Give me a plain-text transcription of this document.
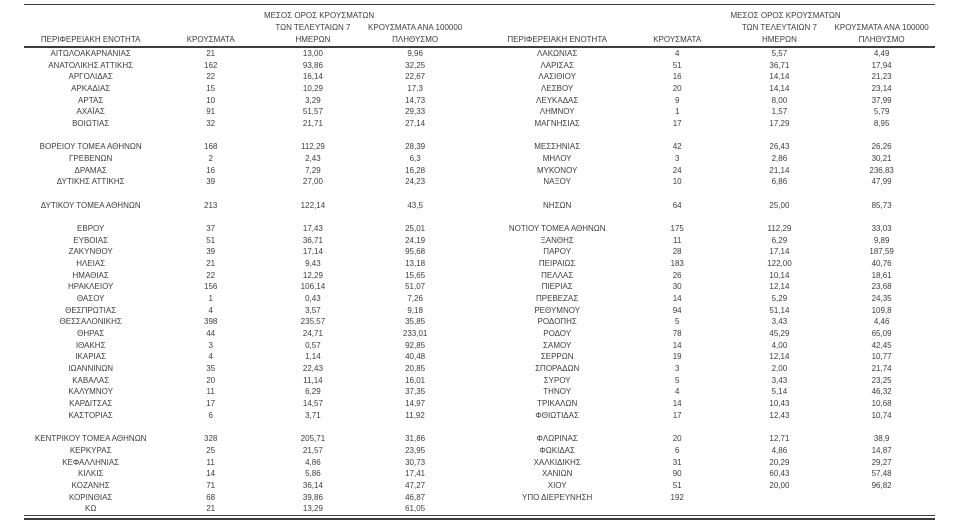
ΠΕΡΙΦΕΡΕΙΑΚΗ ΕΝΟΤΗΤΑ	ΚΡΟΥΣΜΑΤΑ
ΜΕΣΟΣ ΟΡΟΣ ΚΡΟΥΣΜΑΤΩΝ
ΤΩΝ ΤΕΛΕΥΤΑΙΩΝ 7
ΗΜΕΡΩΝ
ΚΡΟΥΣΜΑΤΑ ΑΝΑ 100000
ΠΛΗΘΥΣΜΟ	ΠΕΡΙΦΕΡΕΙΑΚΗ ΕΝΟΤΗΤΑ	ΚΡΟΥΣΜΑΤΑ
ΜΕΣΟΣ ΟΡΟΣ ΚΡΟΥΣΜΑΤΩΝ
ΤΩΝ ΤΕΛΕΥΤΑΙΩΝ 7
ΗΜΕΡΩΝ
ΚΡΟΥΣΜΑΤΑ ΑΝΑ 100000
ΠΛΗΘΥΣΜΟ
ΑΙΤΩΛΟΑΚΑΡΝΑΝΙΑΣ	21	13,00	9,96
ΑΝΑΤΟΛΙΚΗΣ ΑΤΤΙΚΗΣ	162	93,86	32,25
ΑΡΓΟΛΙΔΑΣ	22	16,14	22,67
ΑΡΚΑΔΙΑΣ	15	10,29	17,3
ΑΡΤΑΣ	10	3,29	14,73
ΑΧΑΪΑΣ	91	51,57	29,33
ΒΟΙΩΤΙΑΣ	32	21,71	27,14
ΒΟΡΕΙΟΥ ΤΟΜΕΑ ΑΘΗΝΩΝ	168	112,29	28,39
ΓΡΕΒΕΝΩΝ	2	2,43	6,3
ΔΡΑΜΑΣ	16	7,29	16,28
ΔΥΤΙΚΗΣ ΑΤΤΙΚΗΣ	39	27,00	24,23
ΔΥΤΙΚΟΥ ΤΟΜΕΑ ΑΘΗΝΩΝ	213	122,14	43,5
ΕΒΡΟΥ	37	17,43	25,01
ΕΥΒΟΙΑΣ	51	36,71	24,19
ΖΑΚΥΝΘΟΥ	39	17,14	95,68
ΗΛΕΙΑΣ	21	9,43	13,18
ΗΜΑΘΙΑΣ	22	12,29	15,65
ΗΡΑΚΛΕΙΟΥ	156	106,14	51,07
ΘΑΣΟΥ	1	0,43	7,26
ΘΕΣΠΡΩΤΙΑΣ	4	3,57	9,18
ΘΕΣΣΑΛΟΝΙΚΗΣ	398	235,57	35,85
ΘΗΡΑΣ	44	24,71	233,01
ΙΘΑΚΗΣ	3	0,57	92,85
ΙΚΑΡΙΑΣ	4	1,14	40,48
ΙΩΑΝΝΙΝΩΝ	35	22,43	20,85
ΚΑΒΑΛΑΣ	20	11,14	16,01
ΚΑΛΥΜΝΟΥ	11	6,29	37,35
ΚΑΡΔΙΤΣΑΣ	17	14,57	14,97
ΚΑΣΤΟΡΙΑΣ	6	3,71	11,92
ΚΕΝΤΡΙΚΟΥ ΤΟΜΕΑ ΑΘΗΝΩΝ	328	205,71	31,86
ΚΕΡΚΥΡΑΣ	25	21,57	23,95
ΚΕΦΑΛΛΗΝΙΑΣ	11	4,86	30,73
ΚΙΛΚΙΣ	14	5,86	17,41
ΚΟΖΑΝΗΣ	71	36,14	47,27
ΚΟΡΙΝΘΙΑΣ	68	39,86	46,87
ΚΩ	21	13,29	61,05
ΛΑΚΩΝΙΑΣ	4	5,57	4,49
ΛΑΡΙΣΑΣ	51	36,71	17,94
ΛΑΣΙΘΙΟΥ	16	14,14	21,23
ΛΕΣΒΟΥ	20	14,14	23,14
ΛΕΥΚΑΔΑΣ	9	8,00	37,99
ΛΗΜΝΟΥ	1	1,57	5,79
ΜΑΓΝΗΣΙΑΣ	17	17,29	8,95
ΜΕΣΣΗΝΙΑΣ	42	26,43	26,26
ΜΗΛΟΥ	3	2,86	30,21
ΜΥΚΟΝΟΥ	24	21,14	236,83
ΝΑΞΟΥ	10	6,86	47,99
ΝΗΣΩΝ	64	25,00	85,73
ΝΟΤΙΟΥ ΤΟΜΕΑ ΑΘΗΝΩΝ	175	112,29	33,03
ΞΑΝΘΗΣ	11	6,29	9,89
ΠΑΡΟΥ	28	17,14	187,59
ΠΕΙΡΑΙΩΣ	183	122,00	40,76
ΠΕΛΛΑΣ	26	10,14	18,61
ΠΙΕΡΙΑΣ	30	12,14	23,68
ΠΡΕΒΕΖΑΣ	14	5,29	24,35
ΡΕΘΥΜΝΟΥ	94	51,14	109,8
ΡΟΔΟΠΗΣ	5	3,43	4,46
ΡΟΔΟΥ	78	45,29	65,09
ΣΑΜΟΥ	14	4,00	42,45
ΣΕΡΡΩΝ	19	12,14	10,77
ΣΠΟΡΑΔΩΝ	3	2,00	21,74
ΣΥΡΟΥ	5	3,43	23,25
ΤΗΝΟΥ	4	5,14	46,32
ΤΡΙΚΑΛΩΝ	14	10,43	10,68
ΦΘΙΩΤΙΔΑΣ	17	12,43	10,74
ΦΛΩΡΙΝΑΣ	20	12,71	38,9
ΦΩΚΙΔΑΣ	6	4,86	14,87
ΧΑΛΚΙΔΙΚΗΣ	31	20,29	29,27
ΧΑΝΙΩΝ	90	60,43	57,48
ΧΙΟΥ	51	20,00	96,82
ΥΠΟ ΔΙΕΡΕΥΝΗΣΗ	192
